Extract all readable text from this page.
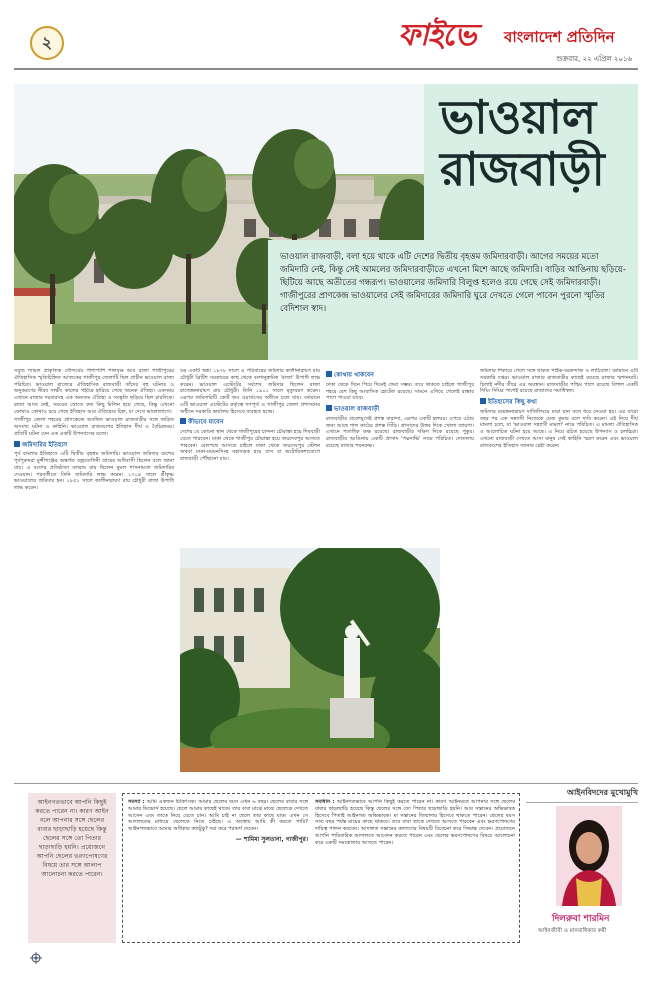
২	ফাইভে বাংলাদেশ প্রতিদিন
শুক্রবার, ২২ এপ্রিল ২০১৬
ভাওয়াল
রাজবাড়ী
ভাওয়াল রাজবাড়ী, বলা হয়ে থাকে এটি দেশের দ্বিতীয় বৃহত্তম জমিদারবাড়ী। আগের সময়ের মতো জমিদারি নেই, কিন্তু সেই আমলের জমিদারবাড়ীতে এখনো মিশে আছে জমিদারি। বাড়ির আঙিনায় ছড়িয়ে-ছিটিয়ে আছে অতীতের গন্ধরূপ। ভাওয়ালের জমিদারি বিলুপ্ত হলেও রয়ে গেছে সেই জমিদারবাড়ী। গাজীপুরের প্রাণকেন্দ্র ভাওয়ালের সেই জমিদারের জমিদারি ঘুরে দেখতে গেলে পাবেন পুরনো স্মৃতির বেদিশাল স্বাদ।

সবুজ শ্যামল প্রাকৃতিক সৌন্দর্যের পাশাপাশি শালবৃক্ষ আর রাজা গাজীপুরের ঐতিহাসিক স্মৃতিচিহ্নিত আজকের গাজীপুর জেলাটি ছিল প্রাচীন ভাওয়াল রাজ্য পরিচিত। ভাওয়াল রাজ্যের ঐতিহাসিক রাজবাড়ী তাঁদের বহু ঘটনার ও অনুকরণের নীরব সাক্ষী। কালের গহ্বরে হারিয়ে গেছে অনেক ঐতিহ্য। একসময় এখানে রাজার দরবারসহ এক অন্যতম ঐতিহ্য ও সংস্কৃতি ছড়িয়ে ছিল চারদিকে। রাজা আজ নেই, সময়ের স্রোতে কত কিছু মিলিন হয়ে গেছে, কিন্তু এখনো কোথাও কোথাও রয়ে গেছে ইতিহাস আর ঐতিহ্যের চিহ্ন, যা দেখে ভালোলাগে।

গাজীপুর জেলা শহরের প্রাণকেন্দ্রে অবস্থিত ভাওয়াল রাজবাড়ীর সঙ্গে জড়িত অসংখ্য ঘটনা ও কাহিনি। ভাওয়াল রাজবংশের ইতিহাস দীর্ঘ ও বৈচিত্র্যময়। প্রতিটি ঘটনা যেন এক একটি উপন্যাসের মতো।

জমিদারির ইতিহাস

পূর্ব বাংলার ইতিহাসে এটি দ্বিতীয় বৃহত্তম জমিদারি। ভাওয়াল জমিদার বংশের পূর্বপুরুষরা মুন্সীগঞ্জের অন্তর্গত বজ্রযোগিনী গ্রামের অধিবাসী ছিলেন বলে জানা যায়। এ বংশের প্রতিষ্ঠাতা বলরাম রায় ছিলেন মুঘল শাসনামলে জমিদারির দেওয়ান। পরবর্তীতে তিনি জমিদারি লাভ করেন। ১৭০৪ সালে শ্রীকৃষ্ণ ভাওয়ালের জমিদার হন। ১৮৫১ সালে কালীনারায়ণ রায় চৌধুরী রাজা উপাধি লাভ করেন।

বড় একটি অঙ্ক। ১৮৭৮ সালে এ পরিবারের জমিদার কালীনারায়ণ রায় চৌধুরী ব্রিটিশ সরকারের কাছ থেকে বংশানুক্রমিক 'রাজা' উপাধি লাভ করেন। ভাওয়াল এস্টেটের সর্বশেষ জমিদার ছিলেন রাজা রাজেন্দ্রনারায়ণ রায় চৌধুরী। তিনি ১৯০১ সালে মৃত্যুবরণ করেন। এরপর জমিদারিটি কোর্ট অব ওয়ার্ডসের অধীনে চলে যায়। বর্তমানে এটি ভাওয়াল এস্টেটের কর্তৃত্বে গণপূর্ত ও গাজীপুর জেলা প্রশাসনের অধীনে সরকারি কার্যালয় হিসেবে ব্যবহৃত হচ্ছে।

কীভাবে যাবেন

দেশের যে কোনো স্থান থেকে গাজীপুরের চান্দনা চৌরাস্তা হয়ে শিববাড়ী যেতে পারবেন। ঢাকা থেকে গাজীপুর চৌরাস্তা হয়ে জয়দেবপুর আসতে পারবেন। রেলপথে আসতে চাইলে ঢাকা থেকে জয়দেবপুর স্টেশন অথবা ঢাকা-ময়মনসিংহ মহাসড়ক হয়ে বাস বা অটোরিকশাযোগে রাজবাড়ী পৌঁছানো যায়।

কোথায় থাকবেন

ঢাকা থেকে দিনে গিয়ে দিনেই ফেরা সম্ভব। তবে থাকতে চাইলে গাজীপুর শহরে বেশ কিছু আবাসিক হোটেল রয়েছে। সামনে এগিয়ে গেলেই রাস্তার পাশে পাওয়া যাবে।

ভাওয়াল রাজবাড়ী

রাজবাড়ীর প্রবেশমুখেই প্রশস্ত বারান্দা, এরপর একটি হলঘর। ওপরে ওঠার জন্য আছে শাল কাঠের প্রশস্ত সিঁড়ি। প্রাসাদের উত্তর দিকে খোলা জায়গা। এখানে শতাধিক কক্ষ রয়েছে। রাজবাড়ীর দক্ষিণ দিকে রয়েছে পুকুর। রাজবাড়ীর আঙিনায় একটি প্রাসাদ 'পদ্মনাভি' নামে পরিচিত। দোতলায় রয়েছে রাজার শয়নকক্ষ।

জমিদার শিকারে গেলে সঙ্গে থাকত পাইক-বরকন্দাজ ও লাঠিয়াল। বর্তমানে এটি সরকারি দপ্তর। ভাওয়াল রাজার রাজবাড়ীর কাছেই রয়েছে রাজার শ্মশানঘাট। চিলাই নদীর তীরে এর অবস্থান। রাজবাড়ীর পশ্চিম পাশে রয়েছে বিশাল একটি দিঘি। দিঘির পাশেই রয়েছে রাজাদের সমাধিস্থল।

ইতিহাসের কিছু কথা

জমিদার রমেন্দ্রনারায়ণ দার্জিলিংয়ে মারা যান বলে ধরে নেওয়া হয়। এর বারো বছর পর এক সন্ন্যাসী নিজেকে মেজ কুমার বলে দাবি করেন। এই নিয়ে দীর্ঘ মামলা চলে, যা 'ভাওয়াল সন্ন্যাসী মামলা' নামে পরিচিত। এ মামলা ঐতিহাসিক ও আলোচিত ঘটনা হয়ে আছে। এ নিয়ে রচিত হয়েছে উপন্যাস ও চলচ্চিত্র। এখনো রাজবাড়ী দেখতে আসা মানুষ সেই কাহিনি স্মরণ করেন এবং ভাওয়াল রাজবংশের ইতিহাস জানার চেষ্টা করেন।

আইনগতভাবে আপনি কিছুই করতে পারেন না। কারণ আইন বলে আপনার সঙ্গে ছেলের বাবার ছাড়াছাড়ি হয়েছে কিন্তু ছেলের সঙ্গে তো পিতার ছাড়াছাড়ি হয়নি। প্রয়োজনে আপনি ছেলের ভরণপোষণের বিষয়ে তার সঙ্গে আলাপ আলোচনা করতে পারেন।
সমস্যা : আমি একজন চিকিৎসক। আমার ছেলের বয়স এখন ৬ বছর। ছেলের বাবার সঙ্গে আমার ডিভোর্স হয়েছে। ছেলে আমার কাছেই থাকে। তার বাবা মাঝে মাঝে ছেলেকে দেখতে আসেন এবং তাকে নিয়ে যেতে চান। আমি চাই না ছেলে তার কাছে যাক। এখন সে আদালতের মাধ্যমে ছেলেকে নিতে চাইছে। এ অবস্থায় আমি কী করতে পারি? আইনগতভাবে আমার অধিকার কতটুকু? দয়া করে পরামর্শ দেবেন।
— শামিমা সুলতানা, গাজীপুর।
সমাধান : আইনগতভাবে আপনি কিছুই করতে পারেন না। কারণ আইনমতে আপনার সঙ্গে ছেলের বাবার ছাড়াছাড়ি হয়েছে কিন্তু ছেলের সঙ্গে তো পিতার ছাড়াছাড়ি হয়নি। আর সন্তানের অভিভাবক হিসেবে পিতাই আইনগত অভিভাবক। মা সন্তানের জিম্মাদার হিসেবে থাকতে পারেন। ছেলের বয়স সাত বছর পর্যন্ত মায়ের কাছে থাকবে। তবে বাবা তাকে দেখতে আসতে পারবেন এবং ভরণপোষণের দায়িত্ব পালন করবেন। আদালত সন্তানের কল্যাণের বিষয়টি বিবেচনা করে সিদ্ধান্ত দেবেন। প্রয়োজনে আপনি পারিবারিক আদালতে আবেদন করতে পারেন এবং ছেলের ভরণপোষণের বিষয়ে আলোচনা করে একটি সমঝোতায় আসতে পারেন।
আইনবিদদের মুখোমুখি
দিলরুবা শারমিন
আইনজীবী ও মানবাধিকার কর্মী
